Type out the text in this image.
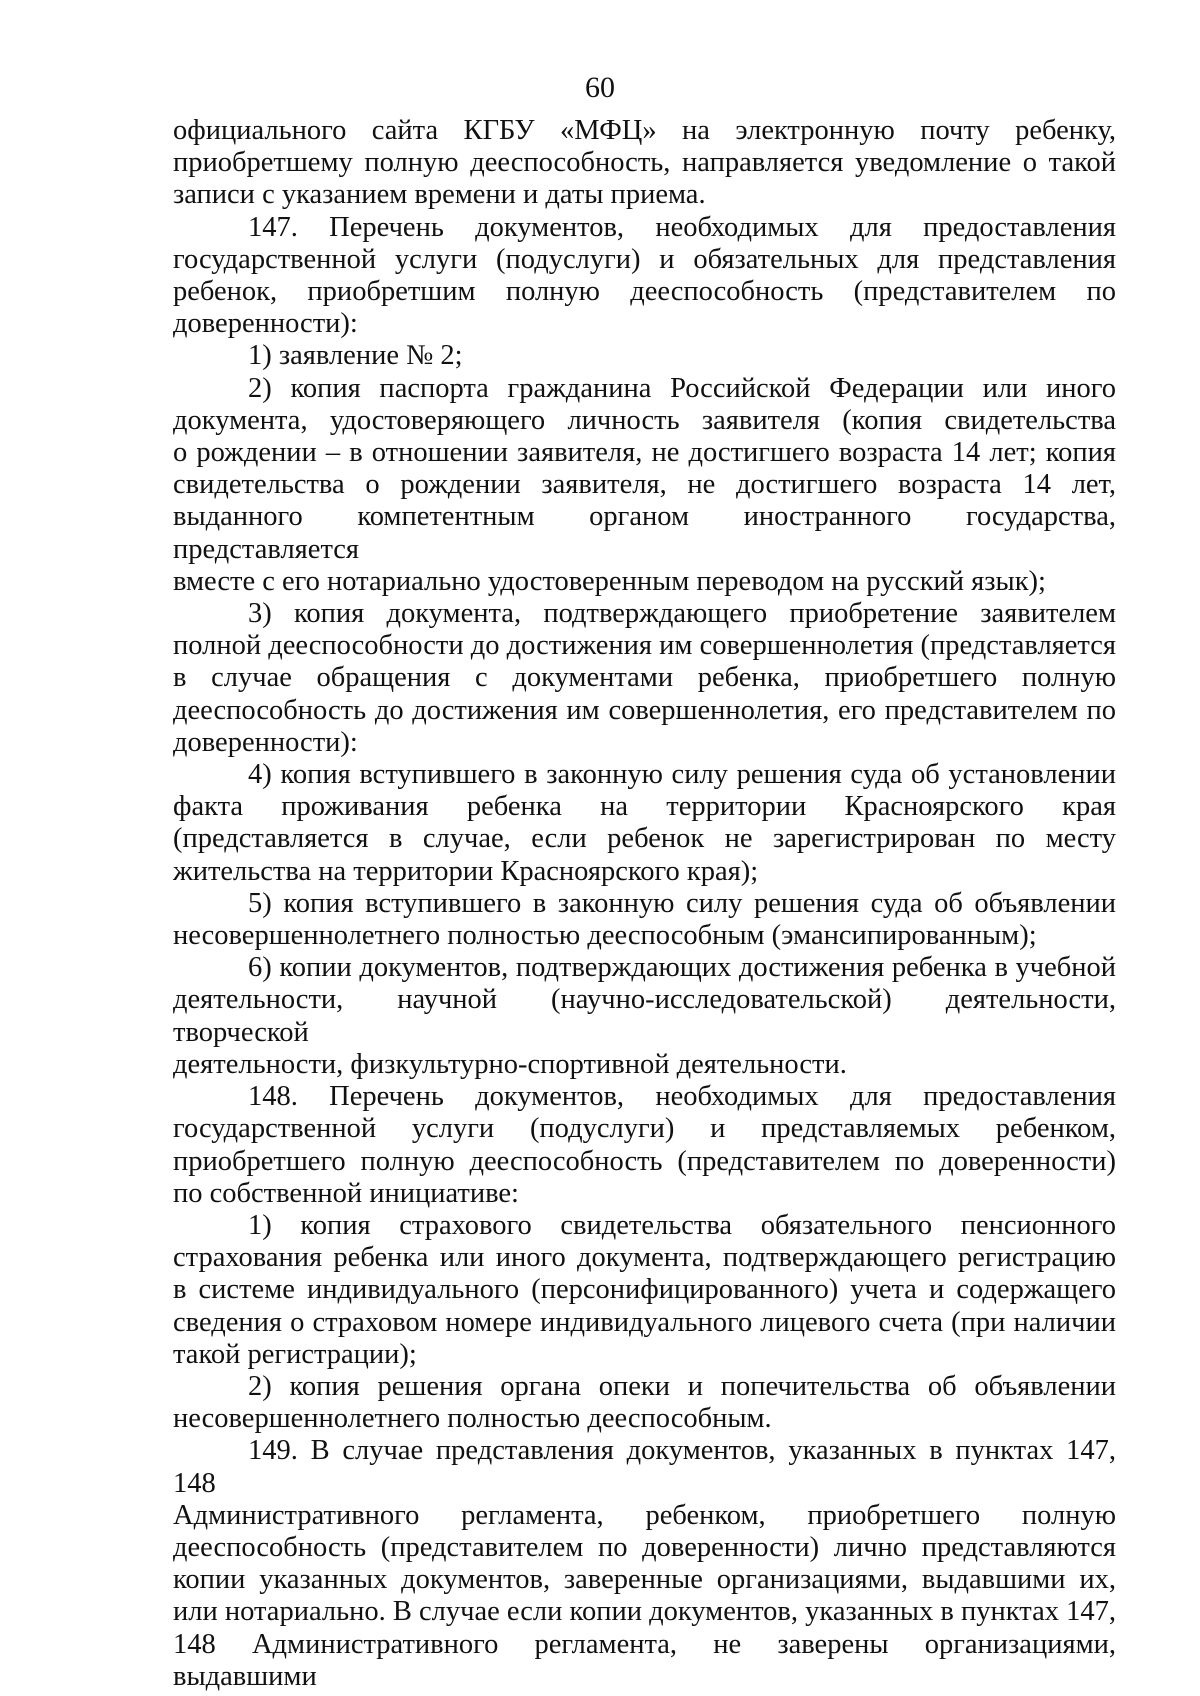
60

официального сайта КГБУ «МФЦ» на электронную почту ребенку,

приобретшему полную дееспособность, направляется уведомление о такой

записи с указанием времени и даты приема.

147. Перечень документов, необходимых для предоставления

государственной услуги (подуслуги) и обязательных для представления

ребенок, приобретшим полную дееспособность (представителем по

доверенности):

1) заявление № 2;

2) копия паспорта гражданина Российской Федерации или иного

документа, удостоверяющего личность заявителя (копия свидетельства

о рождении – в отношении заявителя, не достигшего возраста 14 лет; копия

свидетельства о рождении заявителя, не достигшего возраста 14 лет,

выданного компетентным органом иностранного государства, представляется

вместе с его нотариально удостоверенным переводом на русский язык);

3) копия документа, подтверждающего приобретение заявителем

полной дееспособности до достижения им совершеннолетия (представляется

в случае обращения с документами ребенка, приобретшего полную

дееспособность до достижения им совершеннолетия, его представителем по

доверенности):

4) копия вступившего в законную силу решения суда об установлении

факта проживания ребенка на территории Красноярского края

(представляется в случае, если ребенок не зарегистрирован по месту

жительства на территории Красноярского края);

5) копия вступившего в законную силу решения суда об объявлении

несовершеннолетнего полностью дееспособным (эмансипированным);

6) копии документов, подтверждающих достижения ребенка в учебной

деятельности, научной (научно-исследовательской) деятельности, творческой

деятельности, физкультурно-спортивной деятельности.

148. Перечень документов, необходимых для предоставления

государственной услуги (подуслуги) и представляемых ребенком,

приобретшего полную дееспособность (представителем по доверенности)

по собственной инициативе:

1) копия страхового свидетельства обязательного пенсионного

страхования ребенка или иного документа, подтверждающего регистрацию

в системе индивидуального (персонифицированного) учета и содержащего

сведения о страховом номере индивидуального лицевого счета (при наличии

такой регистрации);

2) копия решения органа опеки и попечительства об объявлении

несовершеннолетнего полностью дееспособным.

149. В случае представления документов, указанных в пунктах 147, 148

Административного регламента, ребенком, приобретшего полную

дееспособность (представителем по доверенности) лично представляются

копии указанных документов, заверенные организациями, выдавшими их,

или нотариально. В случае если копии документов, указанных в пунктах 147,

148 Административного регламента, не заверены организациями, выдавшими
